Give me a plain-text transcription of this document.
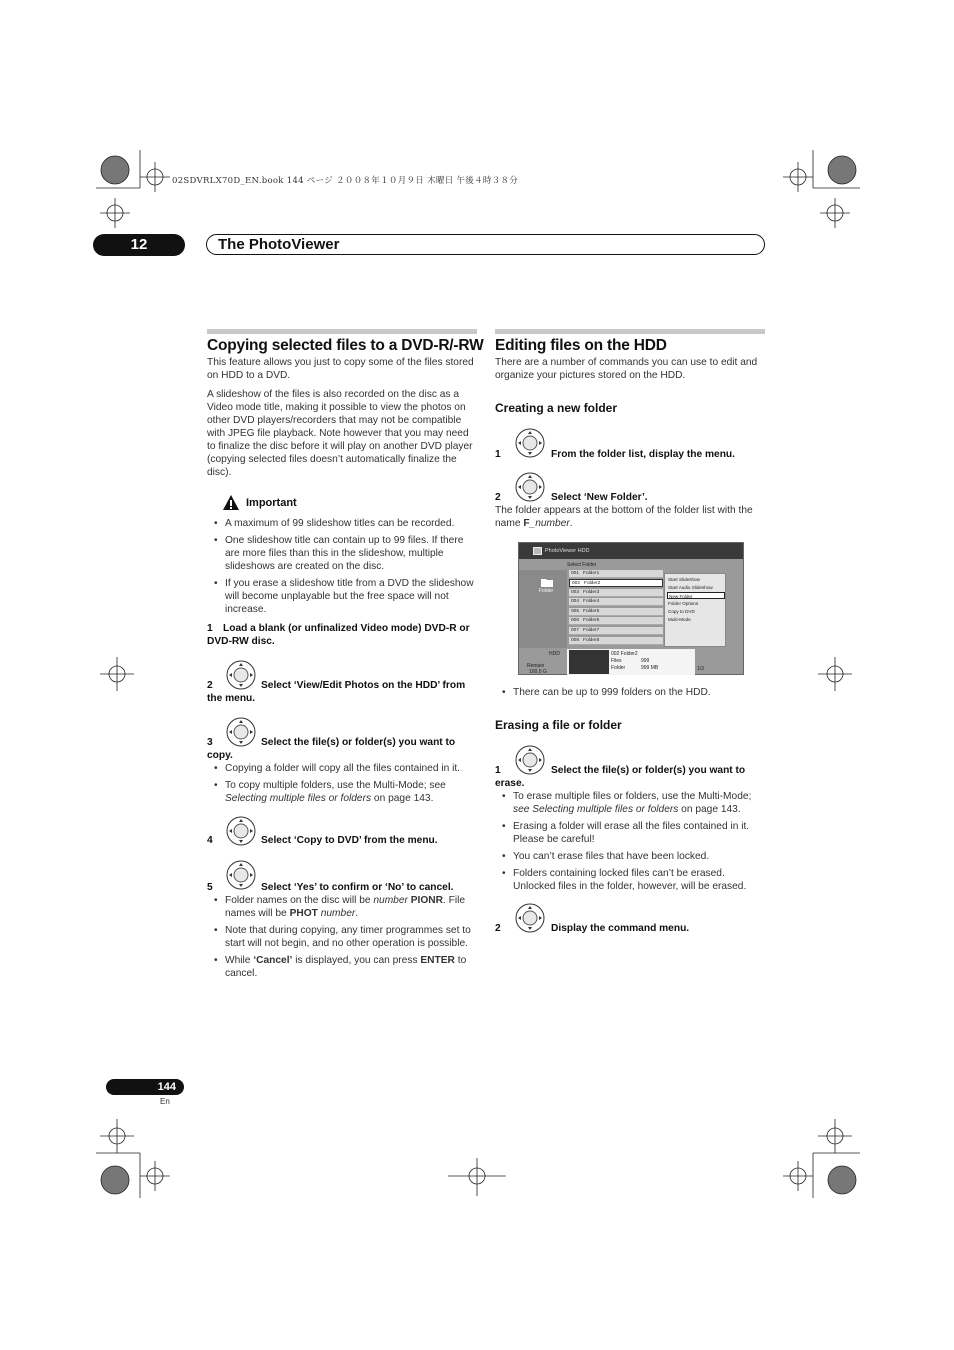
02SDVRLX70D_EN.book 144 ページ ２００８年１０月９日 木曜日 午後４時３８分
12	The PhotoViewer
Copying selected files to a DVD-R/-RW

This feature allows you just to copy some of the files stored on HDD to a DVD.

A slideshow of the files is also recorded on the disc as a Video mode title, making it possible to view the photos on other DVD players/recorders that may not be compatible with JPEG file playback. Note however that you may need to finalize the disc before it will play on another DVD player (copying selected files doesn’t automatically finalize the disc).

Important
• A maximum of 99 slideshow titles can be recorded.
• One slideshow title can contain up to 99 files. If there are more files than this in the slideshow, multiple slideshows are created on the disc.
• If you erase a slideshow title from a DVD the slideshow will become unplayable but the free space will not increase.
1 Load a blank (or unfinalized Video mode) DVD-R or DVD-RW disc.
2	Select ‘View/Edit Photos on the HDD’ from the menu.
3	Select the file(s) or folder(s) you want to copy.
• Copying a folder will copy all the files contained in it.
• To copy multiple folders, use the Multi-Mode; see Selecting multiple files or folders on page 143.
4	Select ‘Copy to DVD’ from the menu.
5	Select ‘Yes’ to confirm or ‘No’ to cancel.
• Folder names on the disc will be number PIONR. File names will be PHOT number.
• Note that during copying, any timer programmes set to start will not begin, and no other operation is possible.
• While ‘Cancel’ is displayed, you can press ENTER to cancel.
Editing files on the HDD
There are a number of commands you can use to edit and organize your pictures stored on the HDD.
Creating a new folder
1	From the folder list, display the menu.
2	Select ‘New Folder’.
The folder appears at the bottom of the folder list with the name F_number.
PhotoViewer HDD
Select Folder
Folder
001 Folder1
002 Folder2
003 Folder3
004 Folder4
005 Folder5
006 Folder6
007 Folder7
008 Folder8
Start Slideshow
Start Audio Slideshow
New Folder
Folder Options
Copy to DVD
Multi-Mode
HDD
Remain
100.0 G
002 Folder2
Files	999
Folder	999 MB	1/3
• There can be up to 999 folders on the HDD.
Erasing a file or folder
1	Select the file(s) or folder(s) you want to erase.
• To erase multiple files or folders, use the Multi-Mode; see Selecting multiple files or folders on page 143.
• Erasing a folder will erase all the files contained in it. Please be careful!
• You can’t erase files that have been locked.
• Folders containing locked files can’t be erased. Unlocked files in the folder, however, will be erased.
2	Display the command menu.
144
En
